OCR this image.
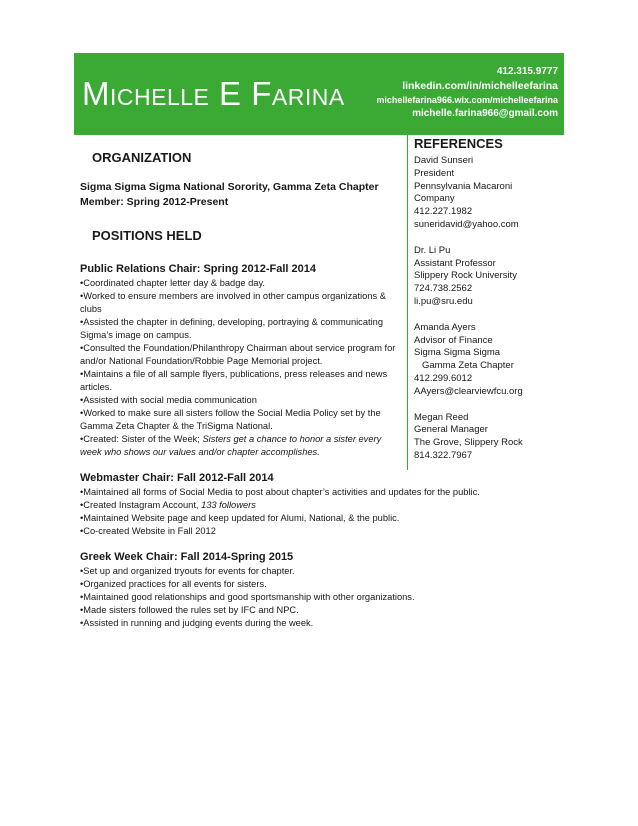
Michelle E Farina
412.315.9777
linkedin.com/in/michelleefarina
michellefarina966.wix.com/michelleefarina
michelle.farina966@gmail.com
REFERENCES
David Sunseri
President
Pennsylvania Macaroni
Company
412.227.1982
suneridavid@yahoo.com
Dr. Li Pu
Assistant Professor
Slippery Rock University
724.738.2562
li.pu@sru.edu
Amanda Ayers
Advisor of Finance
Sigma Sigma Sigma
Gamma Zeta Chapter
412.299.6012
AAyers@clearviewfcu.org
Megan Reed
General Manager
The Grove, Slippery Rock
814.322.7967
ORGANIZATION
Sigma Sigma Sigma National Sorority, Gamma Zeta Chapter
Member: Spring 2012-Present
POSITIONS HELD
Public Relations Chair: Spring 2012-Fall 2014
•Coordinated chapter letter day & badge day.
•Worked to ensure members are involved in other campus organizations & clubs
•Assisted the chapter in defining, developing, portraying & communicating Sigma’s image on campus.
•Consulted the Foundation/Philanthropy Chairman about service program for and/or National Foundation/Robbie Page Memorial project.
•Maintains a file of all sample flyers, publications, press releases and news articles.
•Assisted with social media communication
•Worked to make sure all sisters follow the Social Media Policy set by the Gamma Zeta Chapter & the TriSigma National.
•Created: Sister of the Week; Sisters get a chance to honor a sister every week who shows our values and/or chapter accomplishes.
Webmaster Chair: Fall 2012-Fall 2014
•Maintained all forms of Social Media to post about chapter’s activities and updates for the public.
•Created Instagram Account, 133 followers
•Maintained Website page and keep updated for Alumi, National, & the public.
•Co-created Website in Fall 2012
Greek Week Chair: Fall 2014-Spring 2015
•Set up and organized tryouts for events for chapter.
•Organized practices for all events for sisters.
•Maintained good relationships and good sportsmanship with other organizations.
•Made sisters followed the rules set by IFC and NPC.
•Assisted in running and judging events during the week.
